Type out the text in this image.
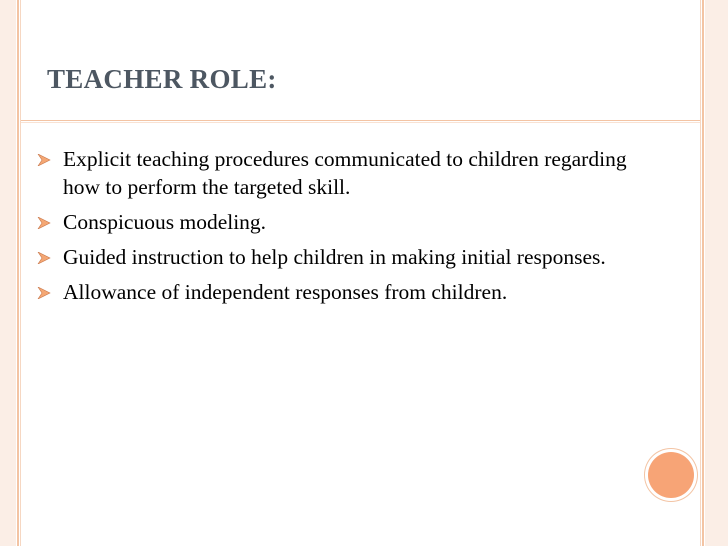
TEACHER ROLE:
Explicit teaching procedures communicated to children regarding how to perform the targeted skill.
Conspicuous modeling.
Guided instruction to help children in making initial responses.
Allowance of independent responses from children.
